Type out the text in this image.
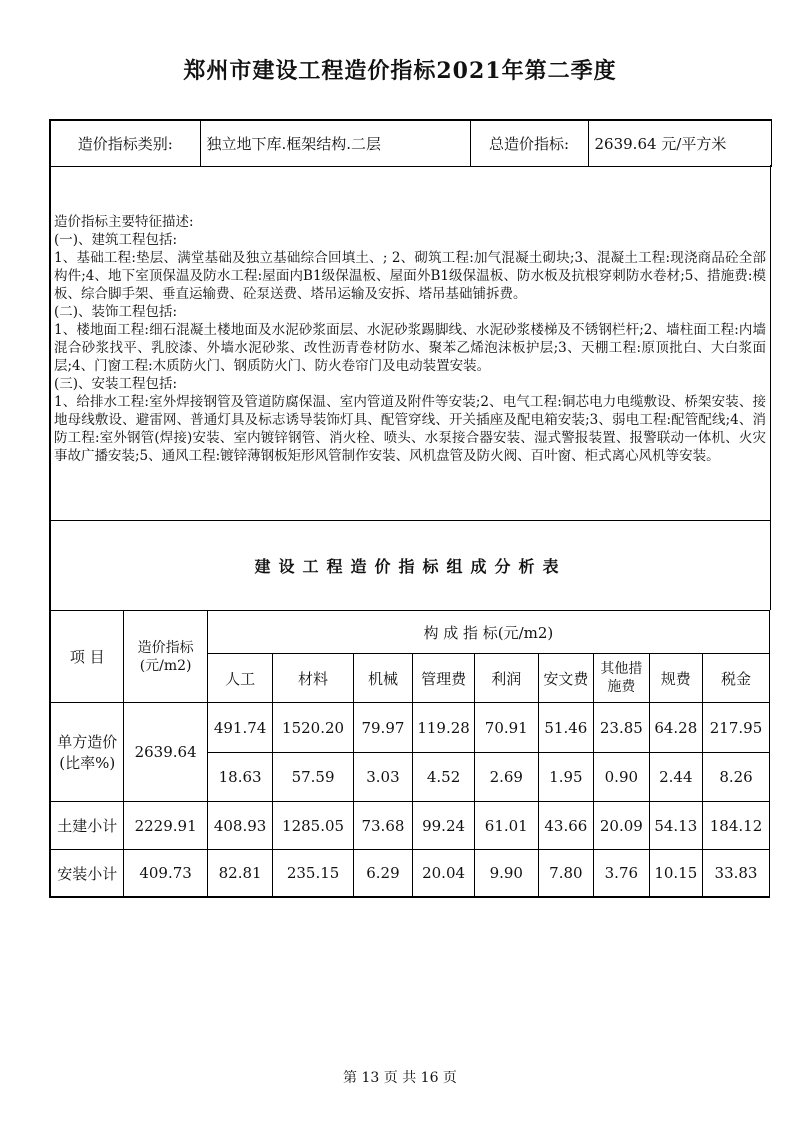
郑州市建设工程造价指标2021年第二季度
造价指标类别:	独立地下库.框架结构.二层	总造价指标:	2639.64 元/平方米
造价指标主要特征描述:
(一)、建筑工程包括:
1、基础工程:垫层、满堂基础及独立基础综合回填土、; 2、砌筑工程:加气混凝土砌块;3、混凝土工程:现浇商品砼全部构件;4、地下室顶保温及防水工程:屋面内B1级保温板、屋面外B1级保温板、防水板及抗根穿刺防水卷材;5、措施费:模板、综合脚手架、垂直运输费、砼泵送费、塔吊运输及安拆、塔吊基础铺拆费。
(二)、装饰工程包括:
1、楼地面工程:细石混凝土楼地面及水泥砂浆面层、水泥砂浆踢脚线、水泥砂浆楼梯及不锈钢栏杆;2、墙柱面工程:内墙混合砂浆找平、乳胶漆、外墙水泥砂浆、改性沥青卷材防水、聚苯乙烯泡沫板护层;3、天棚工程:原顶批白、大白浆面层;4、门窗工程:木质防火门、钢质防火门、防火卷帘门及电动装置安装。
(三)、安装工程包括:
1、给排水工程:室外焊接钢管及管道防腐保温、室内管道及附件等安装;2、电气工程:铜芯电力电缆敷设、桥架安装、接地母线敷设、避雷网、普通灯具及标志诱导装饰灯具、配管穿线、开关插座及配电箱安装;3、弱电工程:配管配线;4、消防工程:室外钢管(焊接)安装、室内镀锌钢管、消火栓、喷头、水泵接合器安装、湿式警报装置、报警联动一体机、火灾事故广播安装;5、通风工程:镀锌薄钢板矩形风管制作安装、风机盘管及防火阀、百叶窗、柜式离心风机等安装。
建设工程造价指标组成分析表
项 目	造价指标(元/m2)	构 成 指 标(元/m2)								
		人工	材料	机械	管理费	利润	安文费	其他措施费	规费	税金
单方造价(比率%)	2639.64	491.74	1520.20	79.97	119.28	70.91	51.46	23.85	64.28	217.95
		18.63	57.59	3.03	4.52	2.69	1.95	0.90	2.44	8.26
土建小计	2229.91	408.93	1285.05	73.68	99.24	61.01	43.66	20.09	54.13	184.12
安装小计	409.73	82.81	235.15	6.29	20.04	9.90	7.80	3.76	10.15	33.83
第 13 页 共 16 页
